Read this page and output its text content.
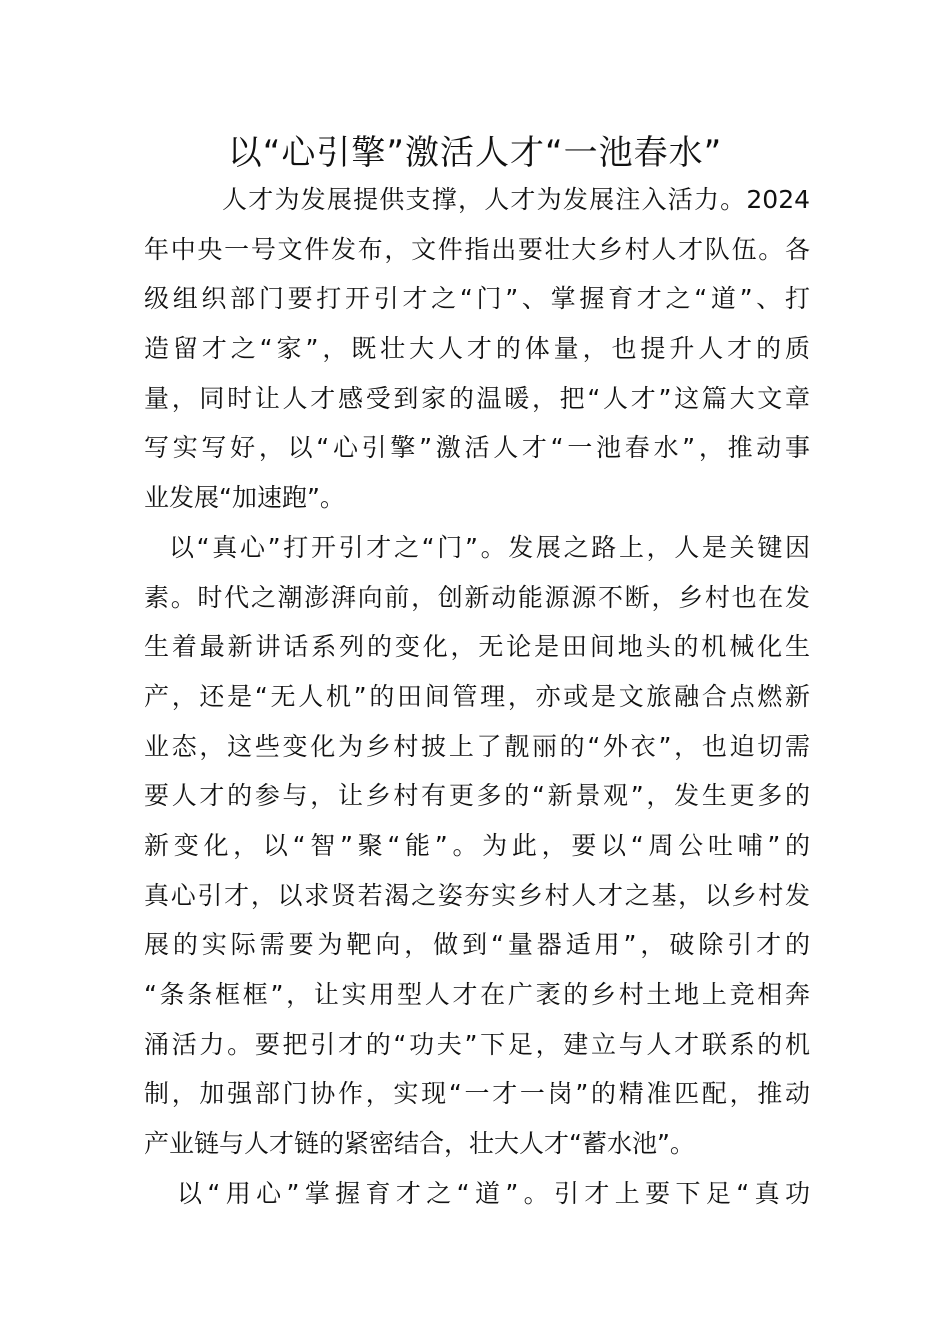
以“心引擎”激活人才“一池春水”
人才为发展提供支撑，人才为发展注入活力。2024
年中央一号文件发布，文件指出要壮大乡村人才队伍。各
级组织部门要打开引才之“门”、掌握育才之“道”、打
造留才之“家”，既壮大人才的体量，也提升人才的质
量，同时让人才感受到家的温暖，把“人才”这篇大文章
写实写好，以“心引擎”激活人才“一池春水”，推动事
业发展“加速跑”。
以“真心”打开引才之“门”。发展之路上，人是关键因
素。时代之潮澎湃向前，创新动能源源不断，乡村也在发
生着最新讲话系列的变化，无论是田间地头的机械化生
产，还是“无人机”的田间管理，亦或是文旅融合点燃新
业态，这些变化为乡村披上了靓丽的“外衣”，也迫切需
要人才的参与，让乡村有更多的“新景观”，发生更多的
新变化，以“智”聚“能”。为此，要以“周公吐哺”的
真心引才，以求贤若渴之姿夯实乡村人才之基，以乡村发
展的实际需要为靶向，做到“量器适用”，破除引才的
“条条框框”，让实用型人才在广袤的乡村土地上竞相奔
涌活力。要把引才的“功夫”下足，建立与人才联系的机
制，加强部门协作，实现“一才一岗”的精准匹配，推动
产业链与人才链的紧密结合，壮大人才“蓄水池”。
以“用心”掌握育才之“道”。引才上要下足“真功
